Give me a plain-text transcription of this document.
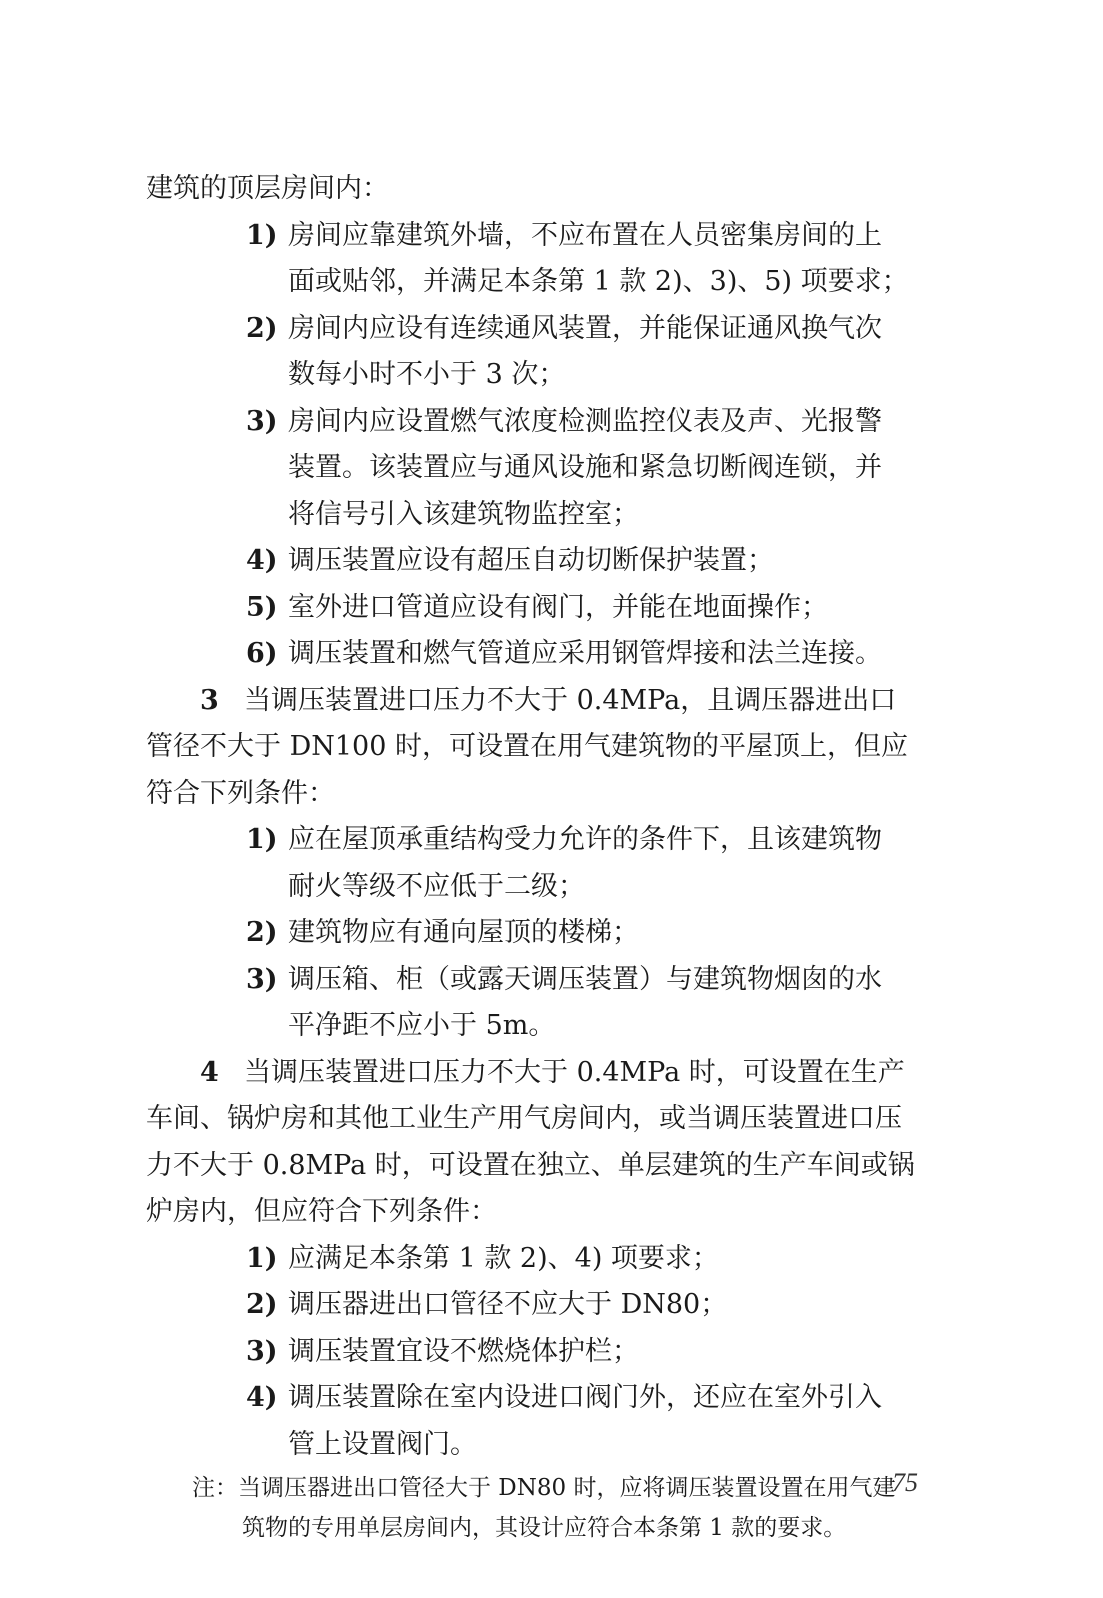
建筑的顶层房间内：
1) 房间应靠建筑外墙，不应布置在人员密集房间的上
面或贴邻，并满足本条第 1 款 2)、3)、5) 项要求；
2) 房间内应设有连续通风装置，并能保证通风换气次
数每小时不小于 3 次；
3) 房间内应设置燃气浓度检测监控仪表及声、光报警
装置。该装置应与通风设施和紧急切断阀连锁，并
将信号引入该建筑物监控室；
4) 调压装置应设有超压自动切断保护装置；
5) 室外进口管道应设有阀门，并能在地面操作；
6) 调压装置和燃气管道应采用钢管焊接和法兰连接。
3 当调压装置进口压力不大于 0.4MPa，且调压器进出口
管径不大于 DN100 时，可设置在用气建筑物的平屋顶上，但应
符合下列条件：
1) 应在屋顶承重结构受力允许的条件下，且该建筑物
耐火等级不应低于二级；
2) 建筑物应有通向屋顶的楼梯；
3) 调压箱、柜（或露天调压装置）与建筑物烟囱的水
平净距不应小于 5m。
4 当调压装置进口压力不大于 0.4MPa 时，可设置在生产
车间、锅炉房和其他工业生产用气房间内，或当调压装置进口压
力不大于 0.8MPa 时，可设置在独立、单层建筑的生产车间或锅
炉房内，但应符合下列条件：
1) 应满足本条第 1 款 2)、4) 项要求；
2) 调压器进出口管径不应大于 DN80；
3) 调压装置宜设不燃烧体护栏；
4) 调压装置除在室内设进口阀门外，还应在室外引入
管上设置阀门。
注：当调压器进出口管径大于 DN80 时，应将调压装置设置在用气建
筑物的专用单层房间内，其设计应符合本条第 1 款的要求。
75
